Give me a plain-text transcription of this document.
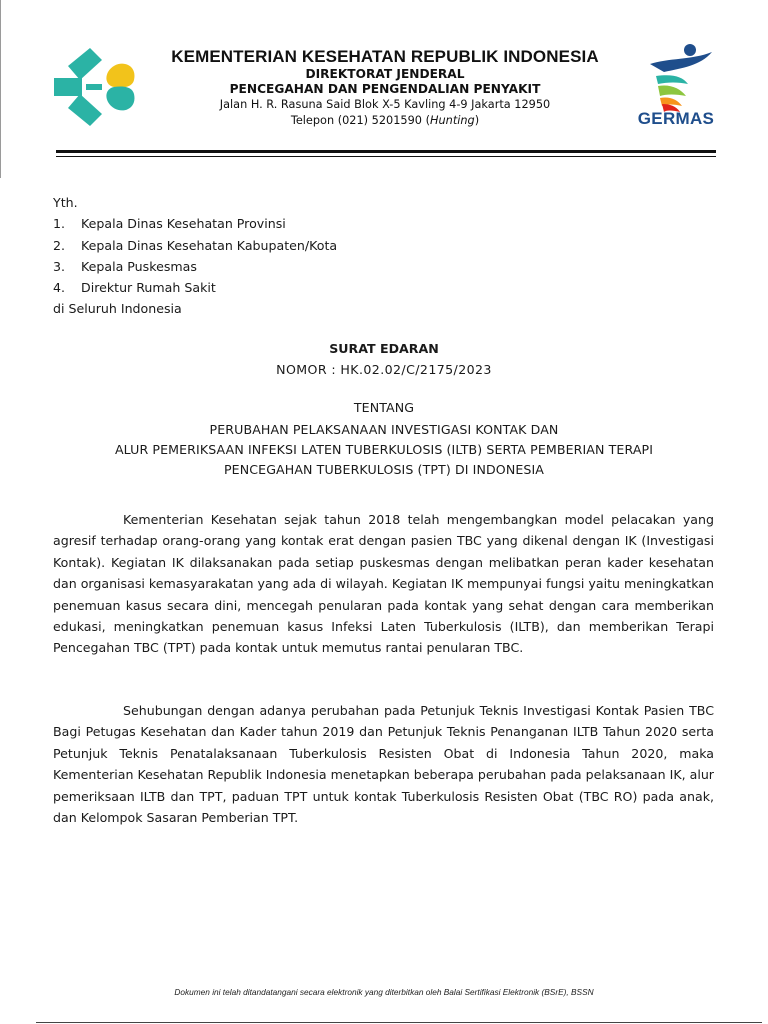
GERMAS
KEMENTERIAN KESEHATAN REPUBLIK INDONESIA
DIREKTORAT JENDERAL
PENCEGAHAN DAN PENGENDALIAN PENYAKIT
Jalan H. R. Rasuna Said Blok X-5 Kavling 4-9 Jakarta 12950
Telepon (021) 5201590 (Hunting)
Yth.
1.	Kepala Dinas Kesehatan Provinsi
2.	Kepala Dinas Kesehatan Kabupaten/Kota
3.	Kepala Puskesmas
4.	Direktur Rumah Sakit
di Seluruh Indonesia
SURAT EDARAN
NOMOR : HK.02.02/C/2175/2023
TENTANG
PERUBAHAN PELAKSANAAN INVESTIGASI KONTAK DAN
ALUR PEMERIKSAAN INFEKSI LATEN TUBERKULOSIS (ILTB) SERTA PEMBERIAN TERAPI
PENCEGAHAN TUBERKULOSIS (TPT) DI INDONESIA
Kementerian Kesehatan sejak tahun 2018 telah mengembangkan model pelacakan yang agresif terhadap orang-orang yang kontak erat dengan pasien TBC yang dikenal dengan IK (Investigasi Kontak). Kegiatan IK dilaksanakan pada setiap puskesmas dengan melibatkan peran kader kesehatan dan organisasi kemasyarakatan yang ada di wilayah. Kegiatan IK mempunyai fungsi yaitu meningkatkan penemuan kasus secara dini, mencegah penularan pada kontak yang sehat dengan cara memberikan edukasi, meningkatkan penemuan kasus Infeksi Laten Tuberkulosis (ILTB), dan memberikan Terapi Pencegahan TBC (TPT) pada kontak untuk memutus rantai penularan TBC.
Sehubungan dengan adanya perubahan pada Petunjuk Teknis Investigasi Kontak Pasien TBC Bagi Petugas Kesehatan dan Kader tahun 2019 dan Petunjuk Teknis Penanganan ILTB Tahun 2020 serta Petunjuk Teknis Penatalaksanaan Tuberkulosis Resisten Obat di Indonesia Tahun 2020, maka Kementerian Kesehatan Republik Indonesia menetapkan beberapa perubahan pada pelaksanaan IK, alur pemeriksaan ILTB dan TPT, paduan TPT untuk kontak Tuberkulosis Resisten Obat (TBC RO) pada anak, dan Kelompok Sasaran Pemberian TPT.
Dokumen ini telah ditandatangani secara elektronik yang diterbitkan oleh Balai Sertifikasi Elektronik (BSrE), BSSN
